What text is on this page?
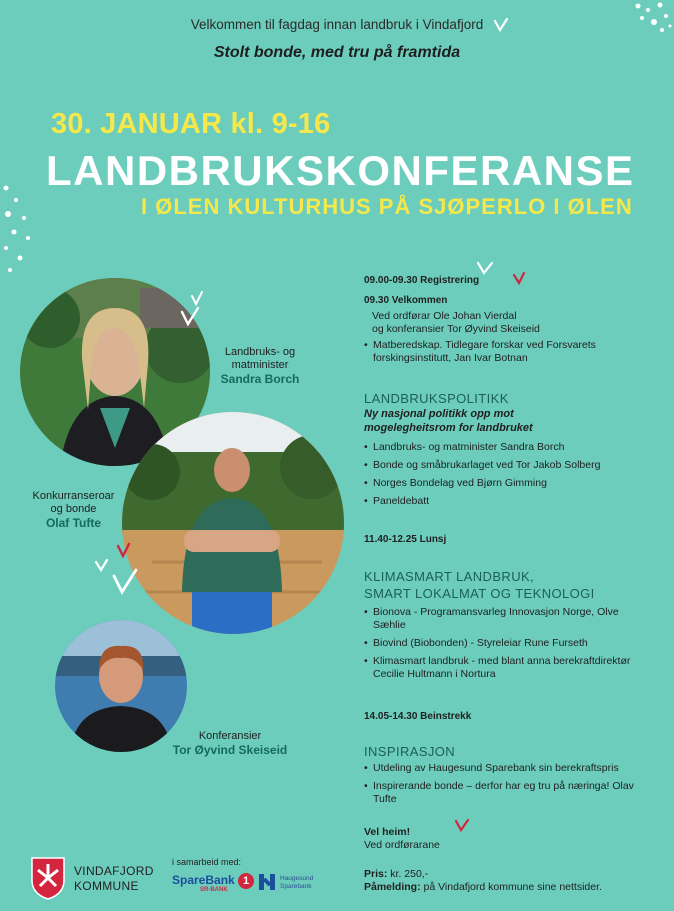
Velkommen til fagdag innan landbruk i Vindafjord
Stolt bonde, med tru på framtida
30. JANUAR kl. 9-16
LANDBRUKSKONFERANSE
I ØLEN KULTURHUS PÅ SJØPERLO I ØLEN
Landbruks- og
matminister
Sandra Borch
Konkurranseroar
og bonde
Olaf Tufte
Konferansier
Tor Øyvind Skeiseid
09.00-09.30 Registrering
09.30 Velkommen
Ved ordførar Ole Johan Vierdal
og konferansier Tor Øyvind Skeiseid
• Matberedskap. Tidlegare forskar ved Forsvarets forskingsinstitutt, Jan Ivar Botnan
LANDBRUKSPOLITIKK
Ny nasjonal politikk opp mot mogelegheitsrom for landbruket
• Landbruks- og matminister Sandra Borch
• Bonde og småbrukarlaget ved Tor Jakob Solberg
• Norges Bondelag ved Bjørn Gimming
• Paneldebatt
11.40-12.25 Lunsj
KLIMASMART LANDBRUK,
SMART LOKALMAT OG TEKNOLOGI
• Bionova - Programansvarleg Innovasjon Norge, Olve Sæhlie
• Biovind (Biobonden) - Styreleiar Rune Furseth
• Klimasmart landbruk - med blant anna berekraftdirektør Cecilie Hultmann i Nortura
14.05-14.30 Beinstrekk
INSPIRASJON
• Utdeling av Haugesund Sparebank sin berekraftspris
• Inspirerande bonde – derfor har eg tru på næringa! Olav Tufte
Vel heim!
Ved ordførarane
Pris: kr. 250,-
Påmelding: på Vindafjord kommune sine nettsider.
VINDAFJORD
KOMMUNE
i samarbeid med:
SpareBank 1
SR-BANK
Haugesund
Sparebank
